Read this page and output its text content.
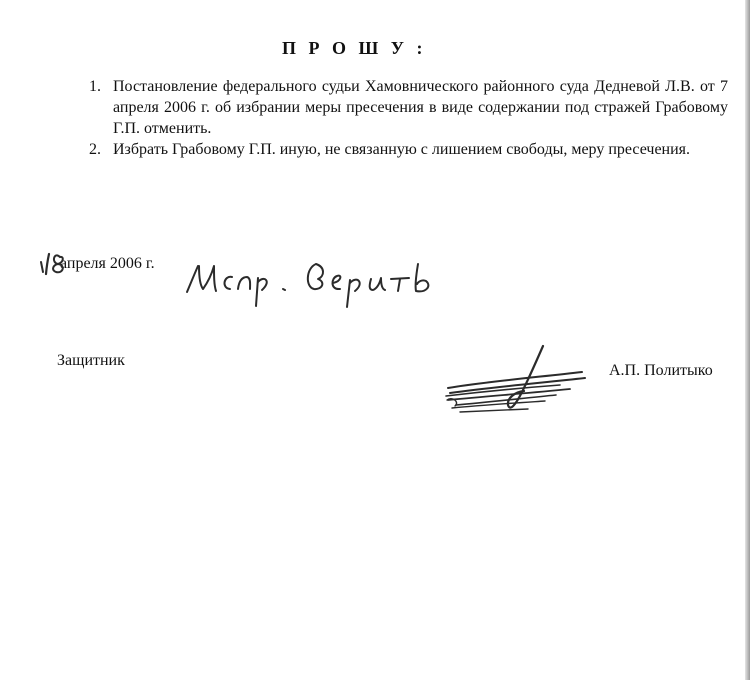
П Р О Ш У :
1. Постановление федерального судьи Хамовнического районного суда Дедневой Л.В. от 7 апреля 2006 г. об избрании меры пресечения в виде содержании под стражей Грабовому Г.П. отменить.
2. Избрать Грабовому Г.П. иную, не связанную с лишением свободы, меру пресечения.
апреля 2006 г.
Защитник
А.П. Политыко
